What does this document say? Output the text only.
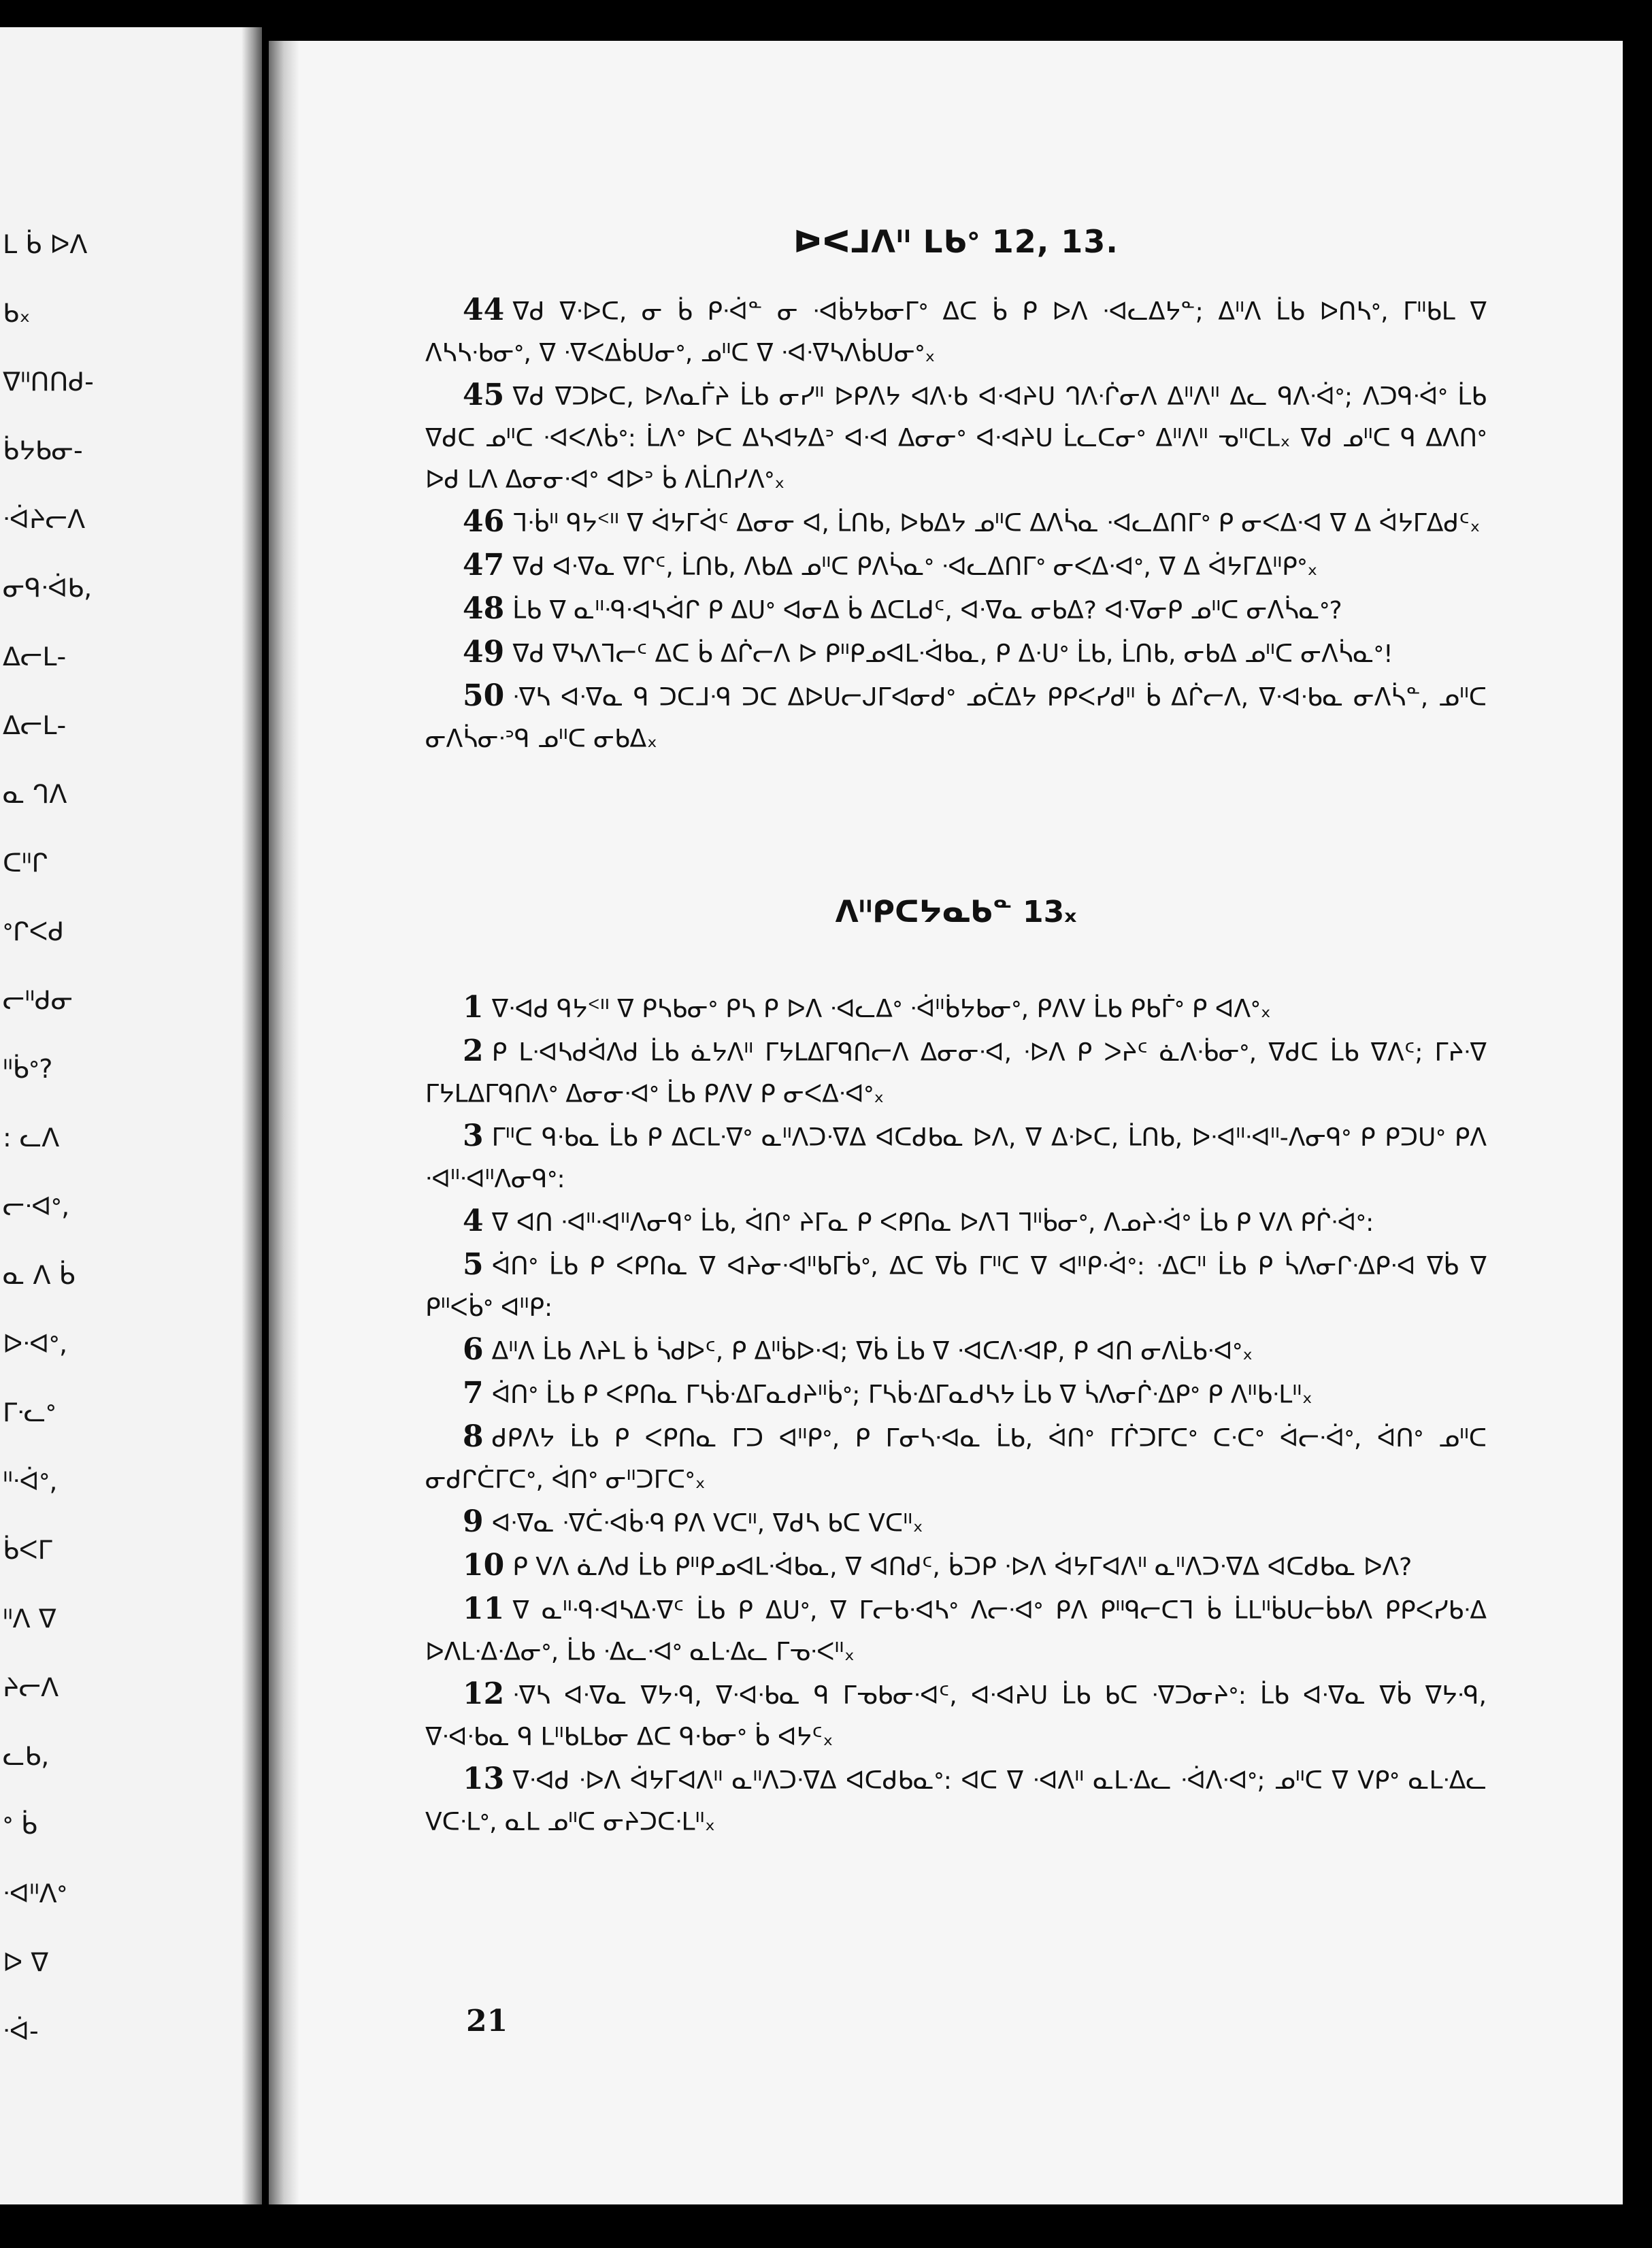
ᒪ ᑳ ᐅᐱ
ᑲ᙮
ᐁᐦᑎᑎᑯ-
ᑳᔭᑲᓂ-
ᐧᐋᔨᓕᐱ
ᓂᑫᐧᐋᑲ,
ᐃᓕᒪ-
ᐃᓕᒪ-
ᓇ ᒉᐱ
ᑕᐦᒋ
ᐤᒋᐸᑯ
ᓕᐦᑯᓂ
ᐦᑳᐤ?
: ᓚᐱ
ᓕᐧᐊᐤ,
ᓇ ᐱ ᑳ
ᐅᐧᐊᐤ,
ᒥᐧᓚᐤ
ᐦᐧᐋᐤ,
ᑳᐸᒥ
ᐦᐱ ᐁ
ᔨᓕᐱ
ᓚᑲ,
ᐤ ᑳ
ᐧᐊᐦᐱᐤ
ᐅ ᐁ
ᐧᐋ-
ᐅᐸᒧᐱᐦ ᒪᑲᐤ 12, 13.

44 ᐁᑯ ᐁᐧᐅᑕ, ᓂ ᑳ ᑭᐧᐋᓐ ᓂ ᐧᐊᑳᔭᑲᓂᒥᐤ ᐃᑕ ᑳ ᑭ ᐅᐱ ᐧᐊᓚᐃᔭᓐ; ᐃᐦᐱ ᒫᑲ ᐅᑎᓴᐤ, ᒥᐦᑲᒪ ᐁ ᐱᓴᓴᐧᑲᓂᐤ, ᐁ ᐧᐁᐸᐃᑳᑌᓂᐤ, ᓄᐦᑕ ᐁ ᐧᐊᐧᐁᓴᐱᑳᑌᓂᐤ᙮

45 ᐁᑯ ᐁᑐᐅᑕ, ᐅᐱᓇᒦᔨ ᒫᑲ ᓂᓯᐦ ᐅᑭᐱᔭ ᐊᐱᐧᑲ ᐊᐧᐊᔨᑌ ᒉᐱᐧᒌᓂᐱ ᐃᐦᐱᐦ ᐃᓚ ᑫᐱᐧᐋᐤ; ᐱᑐᑫᐧᐋᐤ ᒫᑲ ᐁᑯᑕ ᓄᐦᑕ ᐧᐊᐸᐱᑳᐤ: ᒫᐱᐤ ᐅᑕ ᐃᓴᐊᔭᐃᐣ ᐊᐧᐊ ᐃᓂᓂᐤ ᐊᐧᐊᔨᑌ ᒫᓚᑕᓂᐤ ᐃᐦᐱᐦ ᓀᐦᑕᒪ᙮ ᐁᑯ ᓄᐦᑕ ᑫ ᐃᐱᑎᐤ ᐅᑯ ᒪᐱ ᐃᓂᓂᐧᐊᐤ ᐊᐅᐣ ᑳ ᐱᒫᑎᓯᐱᐤ᙮

46 ᒣᐧᑳᐦ ᑫᔭᑉᐦ ᐁ ᐋᔭᒥᐋᑦ ᐃᓂᓂ ᐊ, ᒫᑎᑲ, ᐅᑲᐃᔭ ᓄᐦᑕ ᐃᐱᓵᓇ ᐧᐊᓚᐃᑎᒥᐤ ᑭ ᓂᐸᐃᐧᐊ ᐁ ᐃ ᐋᔭᒥᐃᑯᑦ᙮

47 ᐁᑯ ᐊᐧᐁᓇ ᐁᒋᑦ, ᒫᑎᑲ, ᐱᑲᐃ ᓄᐦᑕ ᑭᐱᓵᓇᐤ ᐧᐊᓚᐃᑎᒥᐤ ᓂᐸᐃᐧᐊᐤ, ᐁ ᐃ ᐋᔭᒥᐃᐦᑭᐤ᙮

48 ᒫᑲ ᐁ ᓇᐦᐧᑫᐧᐊᓴᐋᒋ ᑭ ᐃᑌᐤ ᐊᓂᐃ ᑳ ᐃᑕᒪᑯᑦ, ᐊᐧᐁᓇ ᓂᑲᐃ? ᐊᐧᐁᓂᑭ ᓄᐦᑕ ᓂᐱᓵᓇᐤ?

49 ᐁᑯ ᐁᓴᐱᒣᓕᑦ ᐃᑕ ᑳ ᐃᒌᓕᐱ ᐅ ᑭᐦᑭᓄᐊᒪᐧᐋᑲᓇ, ᑭ ᐃᐧᑌᐤ ᒫᑲ, ᒫᑎᑲ, ᓂᑲᐃ ᓄᐦᑕ ᓂᐱᓵᓇᐤ!

50 ᐧᐁᓴ ᐊᐧᐁᓇ ᑫ ᑐᑕᒧᐧᑫ ᑐᑕ ᐃᐅᑌᓕᒍᒥᐊᓂᑯᐤ ᓄᑖᐃᔭ ᑭᑭᐸᓯᑯᐦ ᑳ ᐃᒌᓕᐱ, ᐁᐧᐊᐧᑲᓇ ᓂᐱᓵᓐ, ᓄᐦᑕ ᓂᐱᓵᓂᐧᐣᑫ ᓄᐦᑕ ᓂᑲᐃ᙮

ᐱᐦᑭᑕᔭᓇᑲᓐ 13᙮

1 ᐁᐧᐊᑯ ᑫᔭᑉᐦ ᐁ ᑭᓴᑲᓂᐤ ᑭᓴ ᑭ ᐅᐱ ᐧᐊᓚᐃᐤ ᐧᐋᐦᑳᔭᑲᓂᐤ, ᑭᐱᐯ ᒫᑲ ᑭᑲᒦᐤ ᑭ ᐊᐱᐤ᙮

2 ᑭ ᒪᐧᐊᓴᑯᐋᐱᑯ ᒫᑲ ᓈᔭᐱᐦ ᒥᔭᒪᐃᒥᑫᑎᓕᐱ ᐃᓂᓂᐧᐊ, ᐧᐅᐱ ᑭ ᐳᔨᑦ ᓈᐱᐧᑳᓂᐤ, ᐁᑯᑕ ᒫᑲ ᐁᐱᑦ; ᒥᔨᐧᐁ ᒥᔭᒪᐃᒥᑫᑎᐱᐤ ᐃᓂᓂᐧᐊᐤ ᒫᑲ ᑭᐱᐯ ᑭ ᓂᐸᐃᐧᐊᐤ᙮

3 ᒥᐦᑕ ᑫᐧᑲᓇ ᒫᑲ ᑭ ᐃᑕᒪᐧᐁᐤ ᓇᐦᐱᑐᐧᐁᐃ ᐊᑕᑯᑲᓇ ᐅᐱ, ᐁ ᐃᐧᐅᑕ, ᒫᑎᑲ, ᐅᐧᐊᐦᐧᐊᐦ-ᐱᓂᑫᐤ ᑭ ᑭᑐᑌᐤ ᑭᐱ ᐧᐊᐦᐧᐊᐦᐱᓂᑫᐤ:

4 ᐁ ᐊᑎ ᐧᐊᐦᐧᐊᐦᐱᓂᑫᐤ ᒫᑲ, ᐋᑎᐤ ᔨᒥᓇ ᑭ ᐸᑭᑎᓇ ᐅᐱᒣ ᒣᐦᑳᓂᐤ, ᐱᓄᔨᐧᐋᐤ ᒫᑲ ᑭ ᐯᐱ ᑭᒌᐧᐋᐤ:

5 ᐋᑎᐤ ᒫᑲ ᑭ ᐸᑭᑎᓇ ᐁ ᐊᔨᓂᐧᐊᐦᑲᒥᑳᐤ, ᐃᑕ ᐁᑳ ᒥᐦᑕ ᐁ ᐊᐦᑭᐧᐋᐤ: ᐧᐃᑕᐦ ᒫᑲ ᑭ ᓵᐱᓂᒋᐧᐃᑭᐧᐊ ᐁᑳ ᐁ ᑭᐦᐸᑳᐤ ᐊᐦᑭ:

6 ᐃᐦᐱ ᒫᑲ ᐱᔨᒪ ᑳ ᓵᑯᐅᑦ, ᑭ ᐃᐦᑳᐅᐧᐊ; ᐁᑳ ᒫᑲ ᐁ ᐧᐊᑕᐱᐧᐊᑭ, ᑭ ᐊᑎ ᓂᐱᒫᑲᐧᐊᐤ᙮

7 ᐋᑎᐤ ᒫᑲ ᑭ ᐸᑭᑎᓇ ᒥᓴᑳᐧᐃᒥᓇᑯᔨᐦᑳᐤ; ᒥᓴᑳᐧᐃᒥᓇᑯᓴᔭ ᒫᑲ ᐁ ᓵᐱᓂᒌᐧᐃᑭᐤ ᑭ ᐱᐦᑲᐧᒪᐦ᙮

8 ᑯᑭᐱᔭ ᒫᑲ ᑭ ᐸᑭᑎᓇ ᒥᑐ ᐊᐦᑭᐤ, ᑭ ᒥᓂᓴᐧᐊᓇ ᒫᑲ, ᐋᑎᐤ ᒥᒌᑐᒥᑕᐤ ᑕᐧᑕᐤ ᐋᓕᐧᐋᐤ, ᐋᑎᐤ ᓄᐦᑕ ᓂᑯᒋᑖᒥᑕᐤ, ᐋᑎᐤ ᓂᐦᑐᒥᑕᐤ᙮

9 ᐊᐧᐁᓇ ᐧᐁᑖᐧᐊᑳᐧᑫ ᑭᐱ ᐯᑕᐦ, ᐁᑯᓴ ᑲᑕ ᐯᑕᐦ᙮

10 ᑭ ᐯᐱ ᓈᐱᑯ ᒫᑲ ᑭᐦᑭᓄᐊᒪᐧᐋᑲᓇ, ᐁ ᐊᑎᑯᑦ, ᑳᑐᑭ ᐧᐅᐱ ᐋᔭᒥᐊᐱᐦ ᓇᐦᐱᑐᐧᐁᐃ ᐊᑕᑯᑲᓇ ᐅᐱ?

11 ᐁ ᓇᐦᐧᑫᐧᐊᓴᐃᐧᐁᑦ ᒫᑲ ᑭ ᐃᑌᐤ, ᐁ ᒥᓕᑲᐧᐊᓴᐤ ᐱᓕᐧᐊᐤ ᑭᐱ ᑭᐦᑫᓕᑕᒣ ᑳ ᒫᒪᐦᑳᑌᓕᑳᑲᐱ ᑭᑭᐸᓯᑲᐧᐃ ᐅᐱᒪᐧᐃᐧᐃᓂᐤ, ᒫᑲ ᐧᐃᓚᐧᐊᐤ ᓇᒪᐧᐃᓚ ᒥᓀᐧᐸᐦ᙮

12 ᐧᐁᓴ ᐊᐧᐁᓇ ᐁᔭᐧᑫ, ᐁᐧᐊᐧᑲᓇ ᑫ ᒥᓀᑲᓂᐧᐊᑦ, ᐊᐧᐊᔨᑌ ᒫᑲ ᑲᑕ ᐧᐁᑐᓂᔨᐤ: ᒫᑲ ᐊᐧᐁᓇ ᐁᑳ ᐁᔭᐧᑫ, ᐁᐧᐊᐧᑲᓇ ᑫ ᒪᐦᑲᒪᑲᓂ ᐃᑕ ᑫᐧᑲᓂᐤ ᑳ ᐊᔭᑦ᙮

13 ᐁᐧᐊᑯ ᐧᐅᐱ ᐋᔭᒥᐊᐱᐦ ᓇᐦᐱᑐᐧᐁᐃ ᐊᑕᑯᑲᓇᐤ: ᐊᑕ ᐁ ᐧᐊᐱᐦ ᓇᒪᐧᐃᓚ ᐧᐋᐱᐧᐊᐤ; ᓄᐦᑕ ᐁ ᐯᑭᐤ ᓇᒪᐧᐃᓚ ᐯᑕᐧᒪᐤ, ᓇᒪ ᓄᐦᑕ ᓂᔨᑐᑕᐧᒪᐦ᙮

21
